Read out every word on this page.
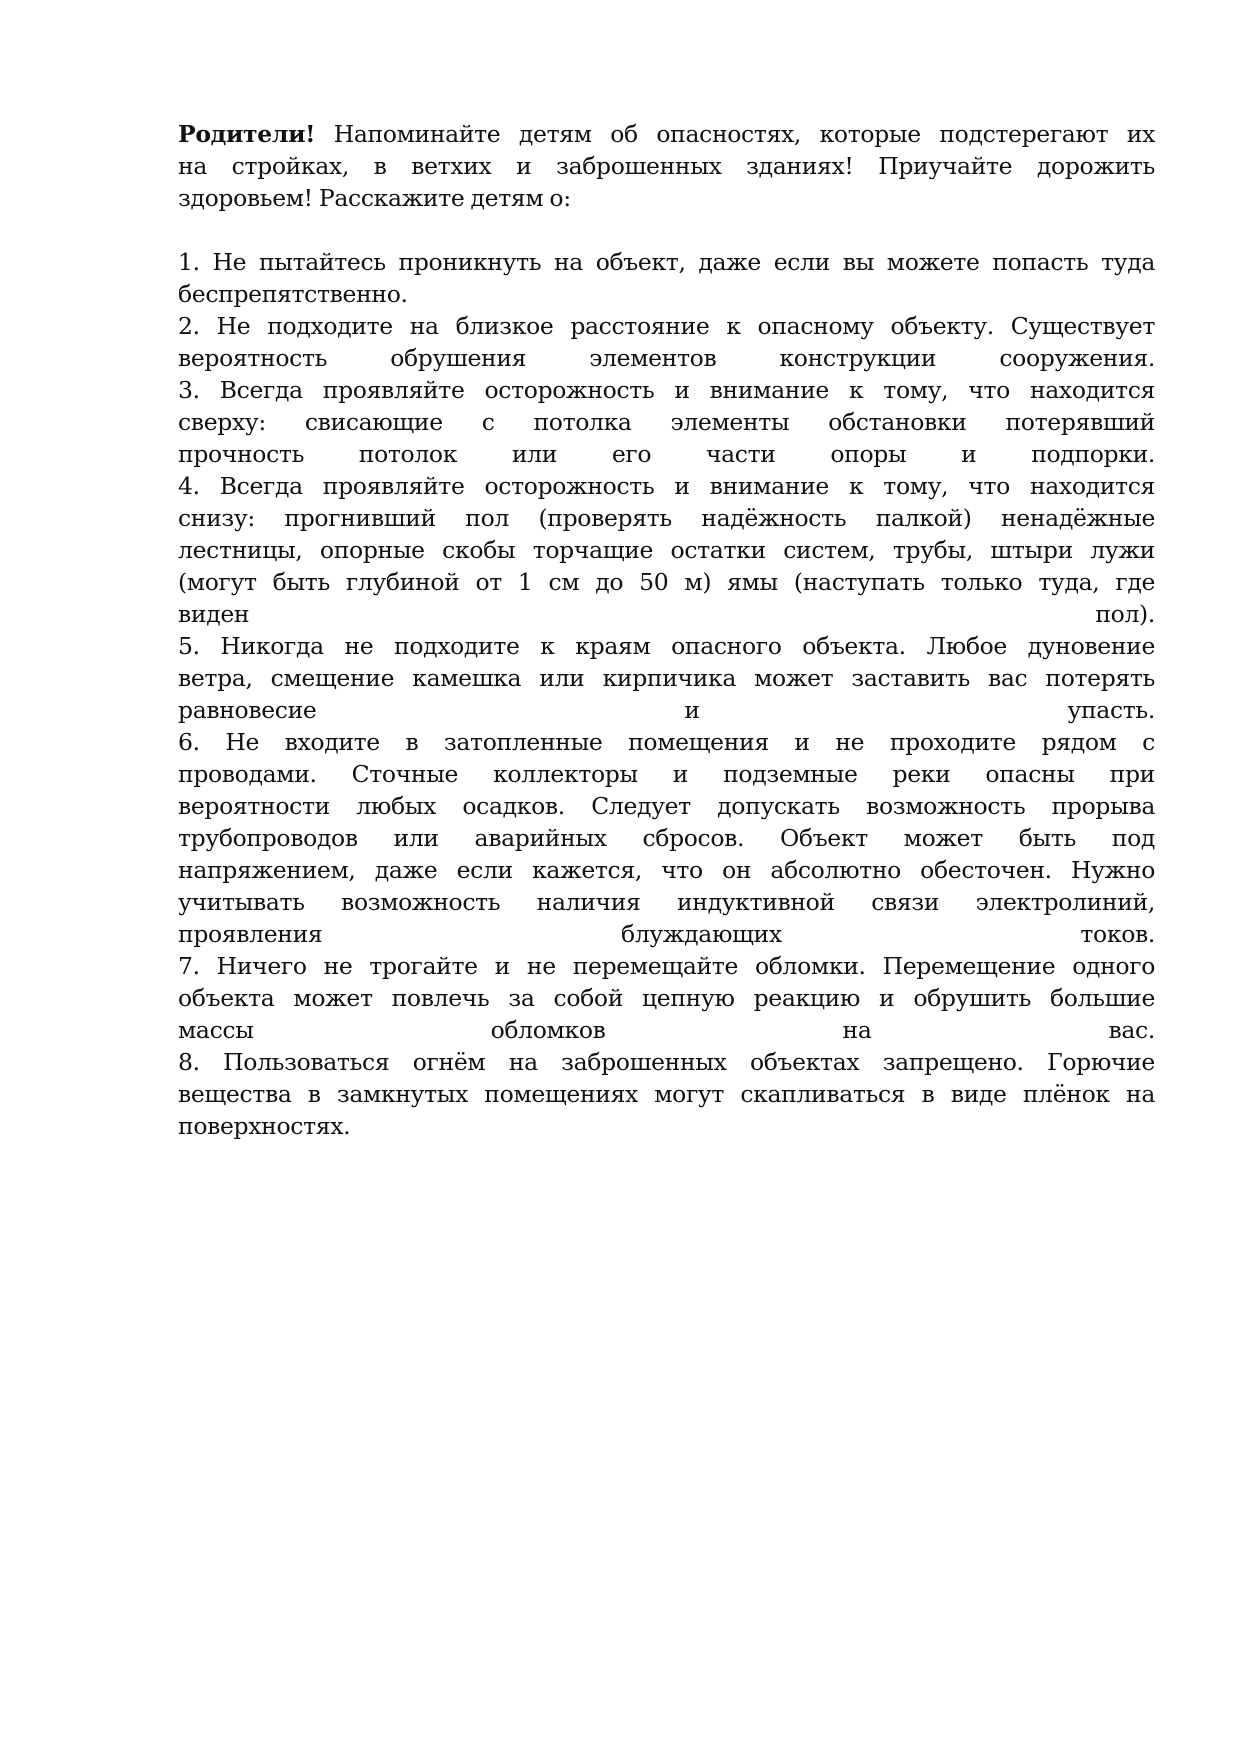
Родители! Напоминайте детям об опасностях, которые подстерегают их
на стройках, в ветхих и заброшенных зданиях! Приучайте дорожить
здоровьем! Расскажите детям о:
1. Не пытайтесь проникнуть на объект, даже если вы можете попасть туда
беспрепятственно.
2. Не подходите на близкое расстояние к опасному объекту. Существует
вероятность обрушения элементов конструкции сооружения.
3. Всегда проявляйте осторожность и внимание к тому, что находится
сверху: свисающие с потолка элементы обстановки потерявший
прочность потолок или его части опоры и подпорки.
4. Всегда проявляйте осторожность и внимание к тому, что находится
снизу: прогнивший пол (проверять надёжность палкой) ненадёжные
лестницы, опорные скобы торчащие остатки систем, трубы, штыри лужи
(могут быть глубиной от 1 см до 50 м) ямы (наступать только туда, где
виден пол).
5. Никогда не подходите к краям опасного объекта. Любое дуновение
ветра, смещение камешка или кирпичика может заставить вас потерять
равновесие и упасть.
6. Не входите в затопленные помещения и не проходите рядом с
проводами. Сточные коллекторы и подземные реки опасны при
вероятности любых осадков. Следует допускать возможность прорыва
трубопроводов или аварийных сбросов. Объект может быть под
напряжением, даже если кажется, что он абсолютно обесточен. Нужно
учитывать возможность наличия индуктивной связи электролиний,
проявления блуждающих токов.
7. Ничего не трогайте и не перемещайте обломки. Перемещение одного
объекта может повлечь за собой цепную реакцию и обрушить большие
массы обломков на вас.
8. Пользоваться огнём на заброшенных объектах запрещено. Горючие
вещества в замкнутых помещениях могут скапливаться в виде плёнок на
поверхностях.
